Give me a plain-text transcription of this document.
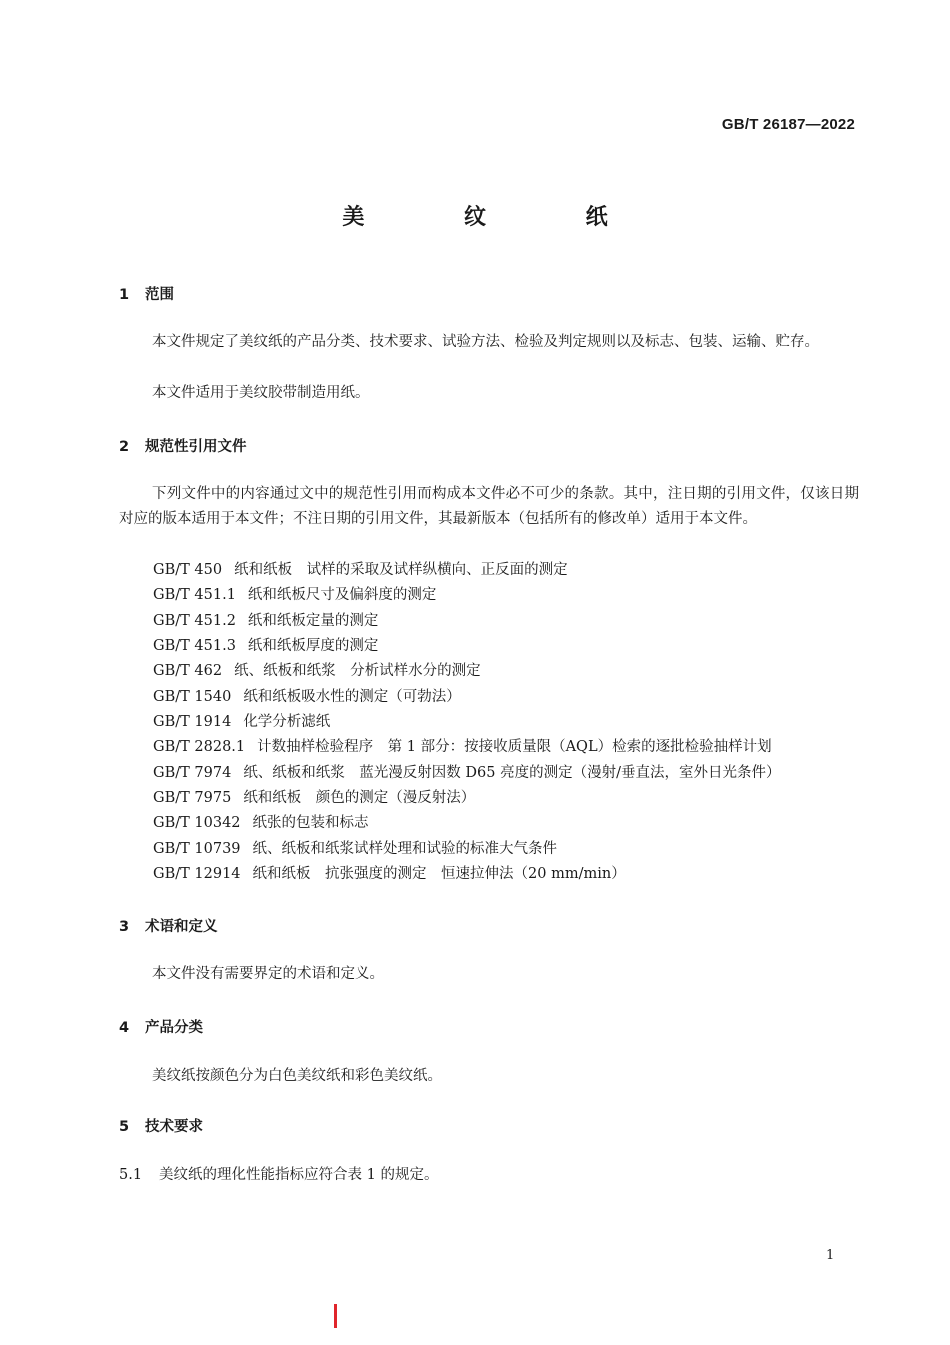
GB/T 26187—2022
美 纹 纸
1 范围
本文件规定了美纹纸的产品分类、技术要求、试验方法、检验及判定规则以及标志、包装、运输、贮存。
本文件适用于美纹胶带制造用纸。
2 规范性引用文件
下列文件中的内容通过文中的规范性引用而构成本文件必不可少的条款。其中，注日期的引用文件，仅该日期对应的版本适用于本文件；不注日期的引用文件，其最新版本（包括所有的修改单）适用于本文件。
GB/T 450 纸和纸板　试样的采取及试样纵横向、正反面的测定
GB/T 451.1 纸和纸板尺寸及偏斜度的测定
GB/T 451.2 纸和纸板定量的测定
GB/T 451.3 纸和纸板厚度的测定
GB/T 462 纸、纸板和纸浆　分析试样水分的测定
GB/T 1540 纸和纸板吸水性的测定（可勃法）
GB/T 1914 化学分析滤纸
GB/T 2828.1 计数抽样检验程序　第 1 部分：按接收质量限（AQL）检索的逐批检验抽样计划
GB/T 7974 纸、纸板和纸浆　蓝光漫反射因数 D65 亮度的测定（漫射/垂直法，室外日光条件）
GB/T 7975 纸和纸板　颜色的测定（漫反射法）
GB/T 10342 纸张的包装和标志
GB/T 10739 纸、纸板和纸浆试样处理和试验的标准大气条件
GB/T 12914 纸和纸板　抗张强度的测定　恒速拉伸法（20 mm/min）
3 术语和定义
本文件没有需要界定的术语和定义。
4 产品分类
美纹纸按颜色分为白色美纹纸和彩色美纹纸。
5 技术要求
5.1 美纹纸的理化性能指标应符合表 1 的规定。
1
